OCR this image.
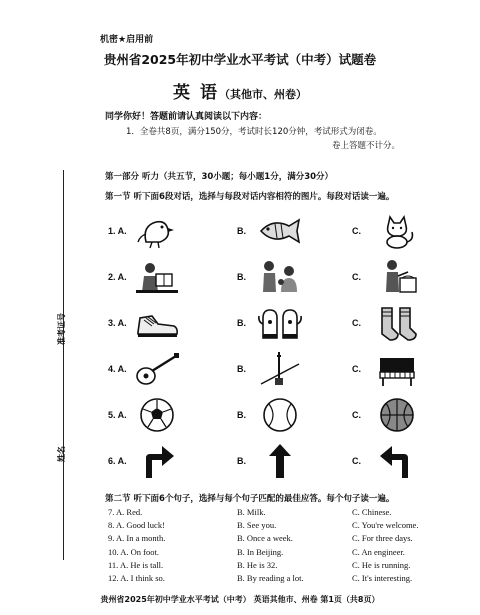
机密★启用前
贵州省2025年初中学业水平考试（中考）试题卷
英 语（其他市、州卷）
同学你好！答题前请认真阅读以下内容：
1．全卷共8页，满分150分，考试时长120分钟，考试形式为闭卷。
卷上答题不计分。
第一部分 听力（共五节，30小题；每小题1分，满分30分）
第一节 听下面6段对话，选择与每段对话内容相符的图片。每段对话读一遍。
准考证号
姓名
1. A.	B.	C.
2. A.	B.	C.
3. A.	B.	C.
4. A.	B.	C.
5. A.	B.	C.
6. A.	B.	C.
第二节 听下面6个句子，选择与每个句子匹配的最佳应答。每个句子读一遍。
7. A. Red.	B. Milk.	C. Chinese.
8. A. Good luck!	B. See you.	C. You're welcome.
9. A. In a month.	B. Once a week.	C. For three days.
10. A. On foot.	B. In Beijing.	C. An engineer.
11. A. He is tall.	B. He is 32.	C. He is running.
12. A. I think so.	B. By reading a lot.	C. It's interesting.
贵州省2025年初中学业水平考试（中考） 英语其他市、州卷 第1页（共8页）
